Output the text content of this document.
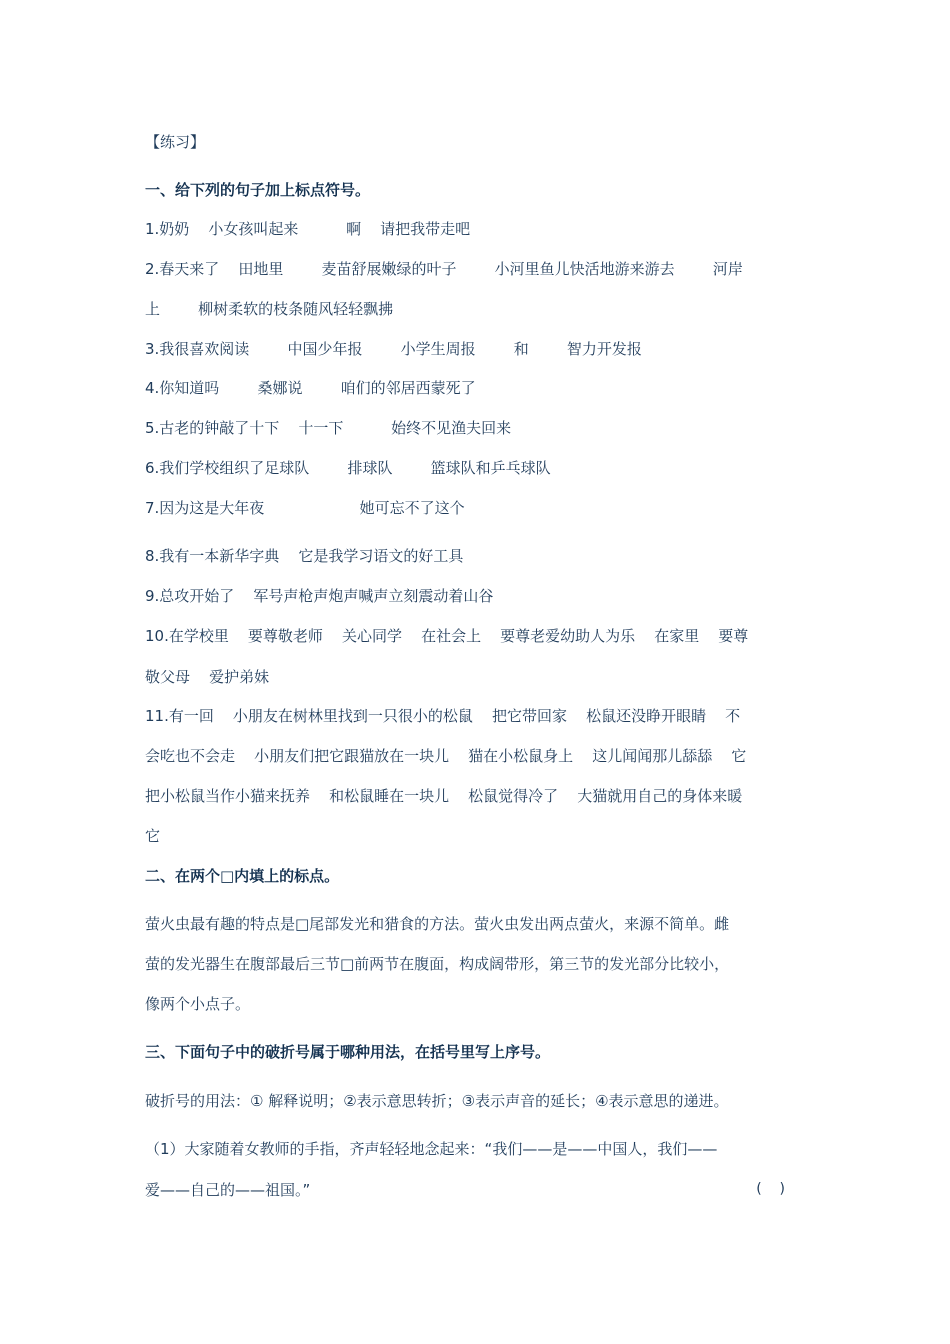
【练习】
一、给下列的句子加上标点符号。
1.奶奶    小女孩叫起来          啊    请把我带走吧
2.春天来了    田地里        麦苗舒展嫩绿的叶子        小河里鱼儿快活地游来游去        河岸
上        柳树柔软的枝条随风轻轻飘拂
3.我很喜欢阅读        中国少年报        小学生周报        和        智力开发报
4.你知道吗        桑娜说        咱们的邻居西蒙死了
5.古老的钟敲了十下    十一下          始终不见渔夫回来
6.我们学校组织了足球队        排球队        篮球队和乒乓球队
7.因为这是大年夜                    她可忘不了这个
8.我有一本新华字典    它是我学习语文的好工具
9.总攻开始了    军号声枪声炮声喊声立刻震动着山谷
10.在学校里    要尊敬老师    关心同学    在社会上    要尊老爱幼助人为乐    在家里    要尊
敬父母    爱护弟妹
11.有一回    小朋友在树林里找到一只很小的松鼠    把它带回家    松鼠还没睁开眼睛    不
会吃也不会走    小朋友们把它跟猫放在一块儿    猫在小松鼠身上    这儿闻闻那儿舔舔    它
把小松鼠当作小猫来抚养    和松鼠睡在一块儿    松鼠觉得冷了    大猫就用自己的身体来暖
它
二、在两个□内填上的标点。
萤火虫最有趣的特点是□尾部发光和猎食的方法。萤火虫发出两点萤火，来源不简单。雌
萤的发光器生在腹部最后三节□前两节在腹面，构成阔带形，第三节的发光部分比较小，
像两个小点子。
三、下面句子中的破折号属于哪种用法，在括号里写上序号。
破折号的用法：① 解释说明；②表示意思转折；③表示声音的延长；④表示意思的递进。
（1）大家随着女教师的手指，齐声轻轻地念起来：“我们——是——中国人，我们——
爱——自己的——祖国。”	(    )
